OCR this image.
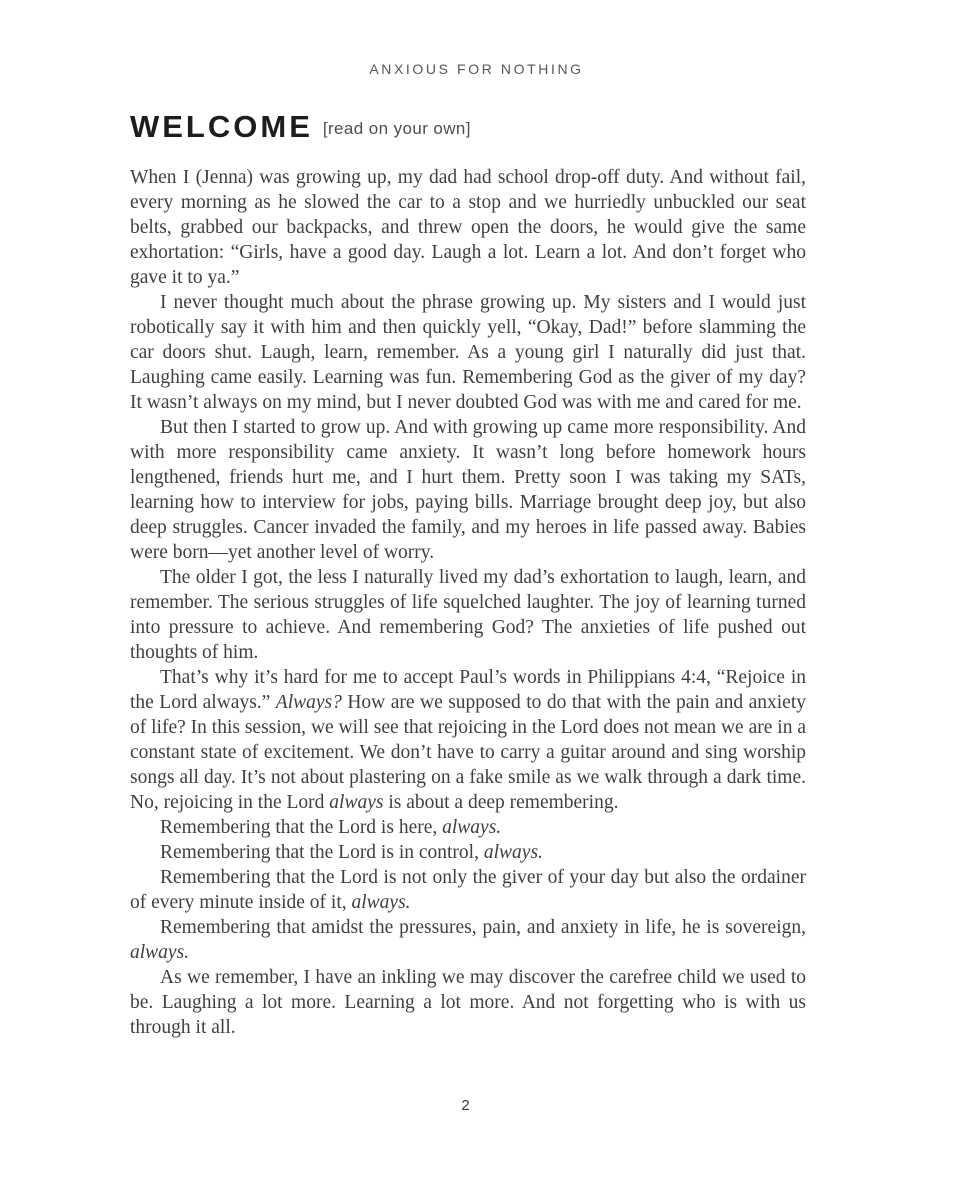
ANXIOUS FOR NOTHING
WELCOME [read on your own]

When I (Jenna) was growing up, my dad had school drop-off duty. And without fail, every morning as he slowed the car to a stop and we hurriedly unbuckled our seat belts, grabbed our backpacks, and threw open the doors, he would give the same exhortation: “Girls, have a good day. Laugh a lot. Learn a lot. And don’t forget who gave it to ya.”

I never thought much about the phrase growing up. My sisters and I would just robotically say it with him and then quickly yell, “Okay, Dad!” before slamming the car doors shut. Laugh, learn, remember. As a young girl I naturally did just that. Laughing came easily. Learning was fun. Remembering God as the giver of my day? It wasn’t always on my mind, but I never doubted God was with me and cared for me.

But then I started to grow up. And with growing up came more responsibility. And with more responsibility came anxiety. It wasn’t long before homework hours lengthened, friends hurt me, and I hurt them. Pretty soon I was taking my SATs, learning how to interview for jobs, paying bills. Marriage brought deep joy, but also deep struggles. Cancer invaded the family, and my heroes in life passed away. Babies were born—yet another level of worry.

The older I got, the less I naturally lived my dad’s exhortation to laugh, learn, and remember. The serious struggles of life squelched laughter. The joy of learning turned into pressure to achieve. And remembering God? The anxieties of life pushed out thoughts of him.

That’s why it’s hard for me to accept Paul’s words in Philippians 4:4, “Rejoice in the Lord always.” Always? How are we supposed to do that with the pain and anxiety of life? In this session, we will see that rejoicing in the Lord does not mean we are in a constant state of excitement. We don’t have to carry a guitar around and sing worship songs all day. It’s not about plastering on a fake smile as we walk through a dark time. No, rejoicing in the Lord always is about a deep remembering.

Remembering that the Lord is here, always.

Remembering that the Lord is in control, always.

Remembering that the Lord is not only the giver of your day but also the ordainer of every minute inside of it, always.

Remembering that amidst the pressures, pain, and anxiety in life, he is sovereign, always.

As we remember, I have an inkling we may discover the carefree child we used to be. Laughing a lot more. Learning a lot more. And not forgetting who is with us through it all.

2
